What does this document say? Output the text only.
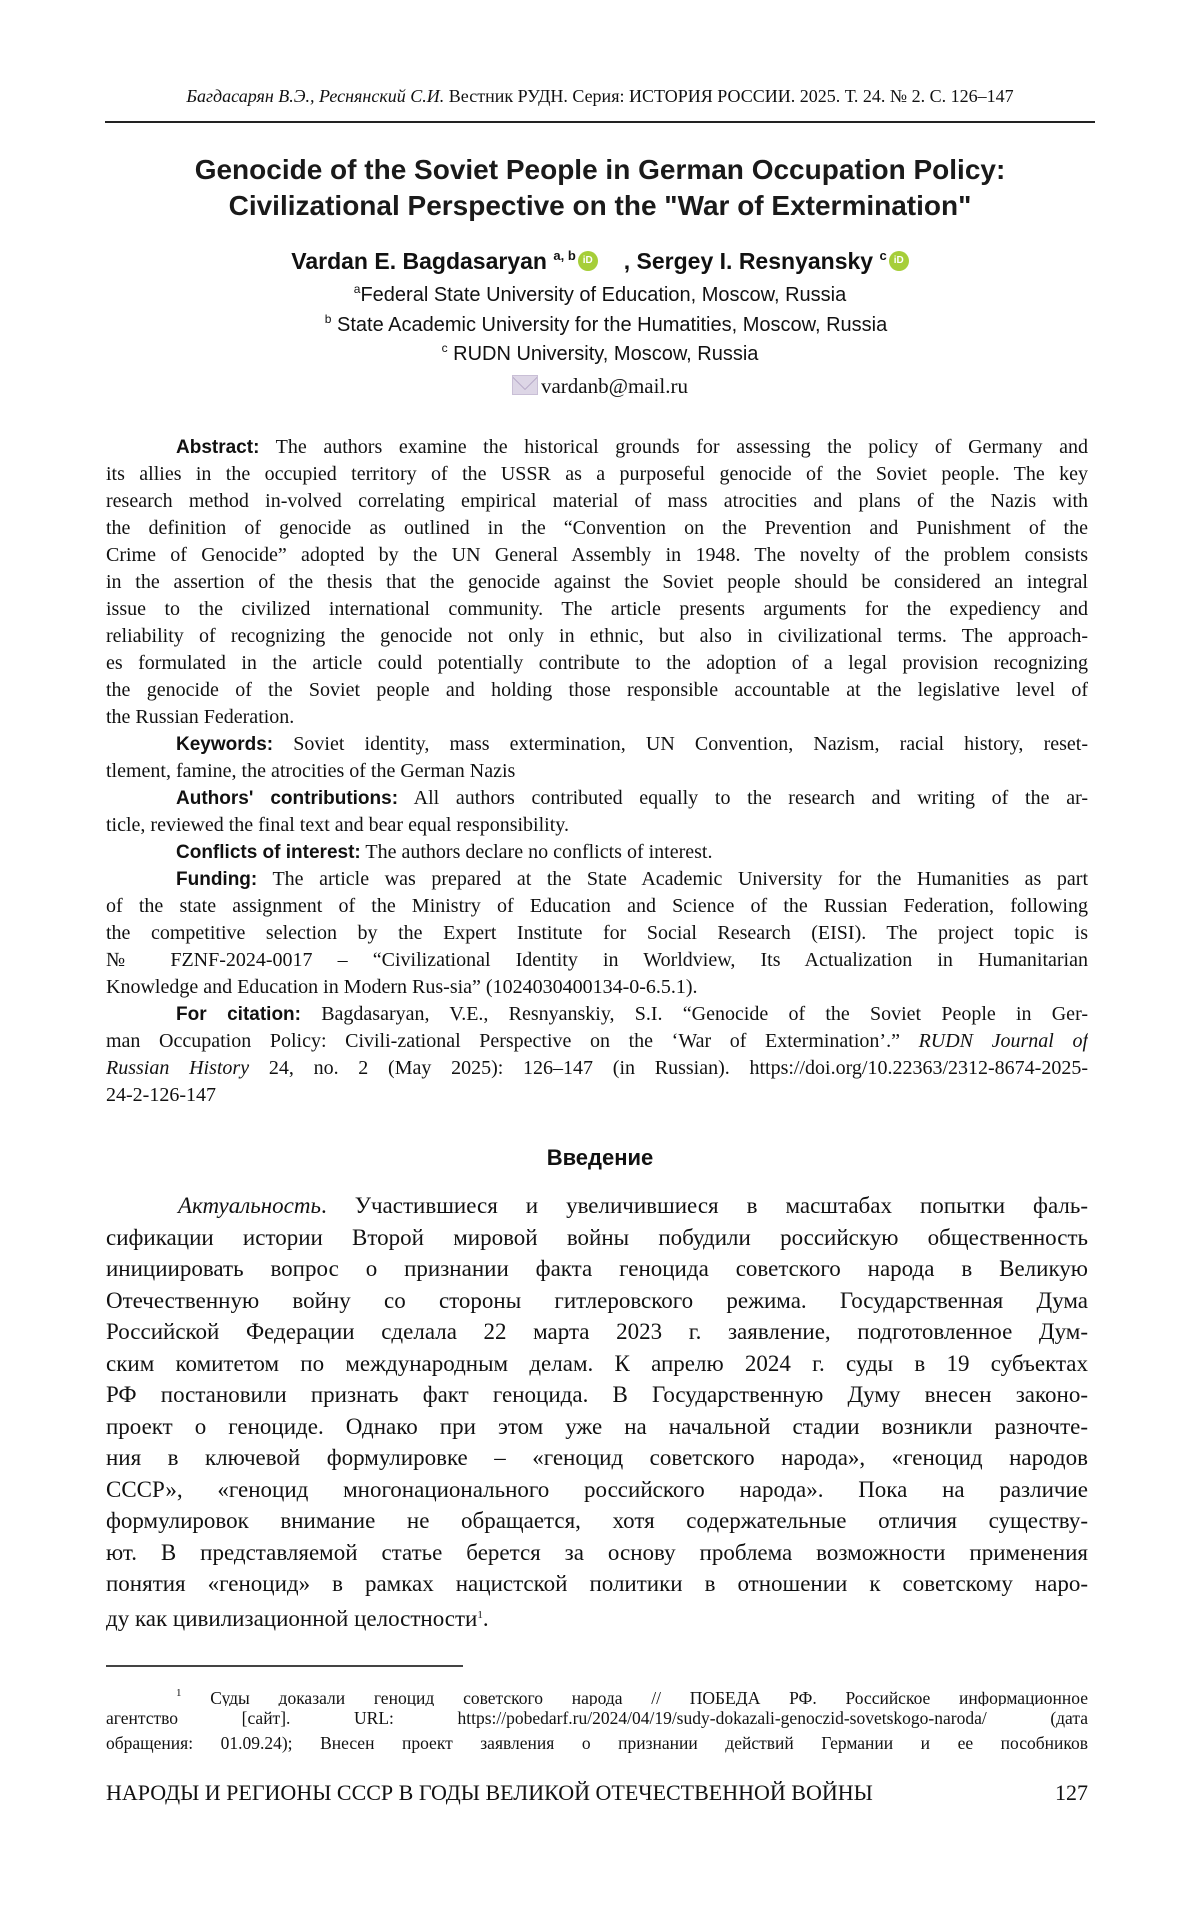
Багдасарян В.Э., Реснянский С.И. Вестник РУДН. Серия: ИСТОРИЯ РОССИИ. 2025. Т. 24. № 2. С. 126–147
Genocide of the Soviet People in German Occupation Policy:
Civilizational Perspective on the "War of Extermination"
Vardan E. Bagdasaryan a, b iD , Sergey I. Resnyansky c iD
aFederal State University of Education, Moscow, Russia
b State Academic University for the Humatities, Moscow, Russia
c RUDN University, Moscow, Russia
vardanb@mail.ru
Abstract: The authors examine the historical grounds for assessing the policy of Germany and
its allies in the occupied territory of the USSR as a purposeful genocide of the Soviet people. The key
research method in-volved correlating empirical material of mass atrocities and plans of the Nazis with
the definition of genocide as outlined in the “Convention on the Prevention and Punishment of the
Crime of Genocide” adopted by the UN General Assembly in 1948. The novelty of the problem consists
in the assertion of the thesis that the genocide against the Soviet people should be considered an integral
issue to the civilized international community. The article presents arguments for the expediency and
reliability of recognizing the genocide not only in ethnic, but also in civilizational terms. The approach-
es formulated in the article could potentially contribute to the adoption of a legal provision recognizing
the genocide of the Soviet people and holding those responsible accountable at the legislative level of
the Russian Federation.
Keywords: Soviet identity, mass extermination, UN Convention, Nazism, racial history, reset-
tlement, famine, the atrocities of the German Nazis
Authors' contributions: All authors contributed equally to the research and writing of the ar-
ticle, reviewed the final text and bear equal responsibility.
Conflicts of interest: The authors declare no conflicts of interest.
Funding: The article was prepared at the State Academic University for the Humanities as part
of the state assignment of the Ministry of Education and Science of the Russian Federation, following
the competitive selection by the Expert Institute for Social Research (EISI). The project topic is
№ FZNF-2024-0017 – “Civilizational Identity in Worldview, Its Actualization in Humanitarian
Knowledge and Education in Modern Rus-sia” (1024030400134-0-6.5.1).
For citation: Bagdasaryan, V.E., Resnyanskiy, S.I. “Genocide of the Soviet People in Ger-
man Occupation Policy: Civili-zational Perspective on the ‘War of Extermination’.” RUDN Journal of
Russian History 24, no. 2 (May 2025): 126–147 (in Russian). https://doi.org/10.22363/2312-8674-2025-
24-2-126-147
Введение
Актуальность. Участившиеся и увеличившиеся в масштабах попытки фаль-
сификации истории Второй мировой войны побудили российскую общественность
инициировать вопрос о признании факта геноцида советского народа в Великую
Отечественную войну со стороны гитлеровского режима. Государственная Дума
Российской Федерации сделала 22 марта 2023 г. заявление, подготовленное Дум-
ским комитетом по международным делам. К апрелю 2024 г. суды в 19 субъектах
РФ постановили признать факт геноцида. В Государственную Думу внесен законо-
проект о геноциде. Однако при этом уже на начальной стадии возникли разночте-
ния в ключевой формулировке – «геноцид советского народа», «геноцид народов
СССР», «геноцид многонационального российского народа». Пока на различие
формулировок внимание не обращается, хотя содержательные отличия существу-
ют. В представляемой статье берется за основу проблема возможности применения
понятия «геноцид» в рамках нацистской политики в отношении к советскому наро-
ду как цивилизационной целостности1.
1 Суды доказали геноцид советского народа // ПОБЕДА РФ. Российское информационное
агентство [сайт]. URL: https://pobedarf.ru/2024/04/19/sudy-dokazali-genoczid-sovetskogo-naroda/ (дата
обращения: 01.09.24); Внесен проект заявления о признании действий Германии и ее пособников
НАРОДЫ И РЕГИОНЫ СССР В ГОДЫ ВЕЛИКОЙ ОТЕЧЕСТВЕННОЙ ВОЙНЫ	127
